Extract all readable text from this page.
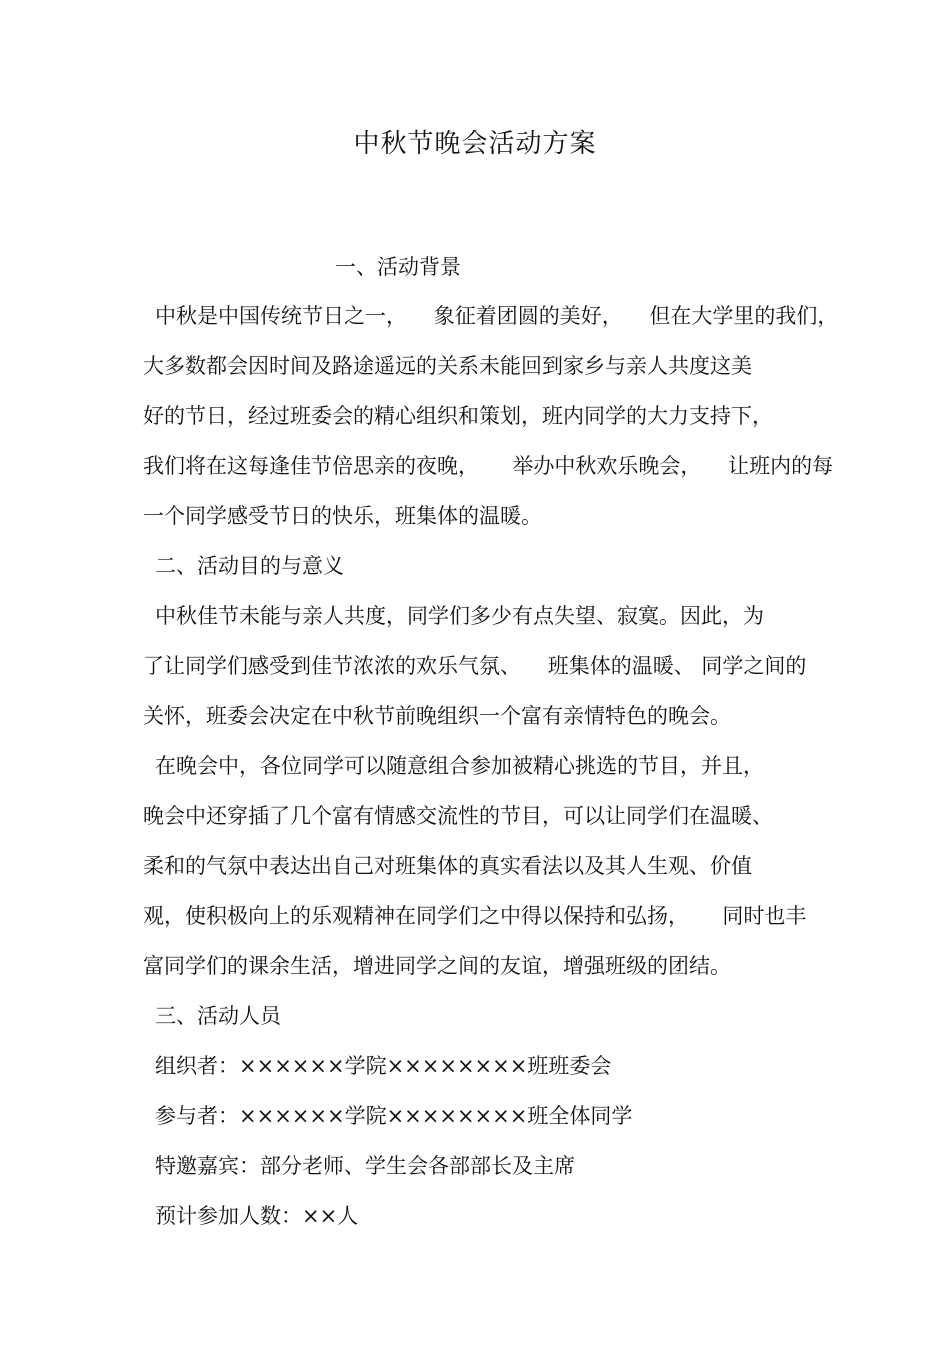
中秋节晚会活动方案
一、活动背景
中秋是中国传统节日之一，    象征着团圆的美好，    但在大学里的我们，
大多数都会因时间及路途遥远的关系未能回到家乡与亲人共度这美
好的节日，经过班委会的精心组织和策划，班内同学的大力支持下，
我们将在这每逢佳节倍思亲的夜晚，     举办中秋欢乐晚会，    让班内的每
一个同学感受节日的快乐，班集体的温暖。
二、活动目的与意义
中秋佳节未能与亲人共度，同学们多少有点失望、寂寞。因此，为
了让同学们感受到佳节浓浓的欢乐气氛、    班集体的温暖、 同学之间的
关怀，班委会决定在中秋节前晚组织一个富有亲情特色的晚会。
在晚会中，各位同学可以随意组合参加被精心挑选的节目，并且，
晚会中还穿插了几个富有情感交流性的节目，可以让同学们在温暖、
柔和的气氛中表达出自己对班集体的真实看法以及其人生观、价值
观，使积极向上的乐观精神在同学们之中得以保持和弘扬，     同时也丰
富同学们的课余生活，增进同学之间的友谊，增强班级的团结。
三、活动人员
组织者：××××××学院××××××××班班委会
参与者：××××××学院××××××××班全体同学
特邀嘉宾：部分老师、学生会各部部长及主席
预计参加人数：××人
